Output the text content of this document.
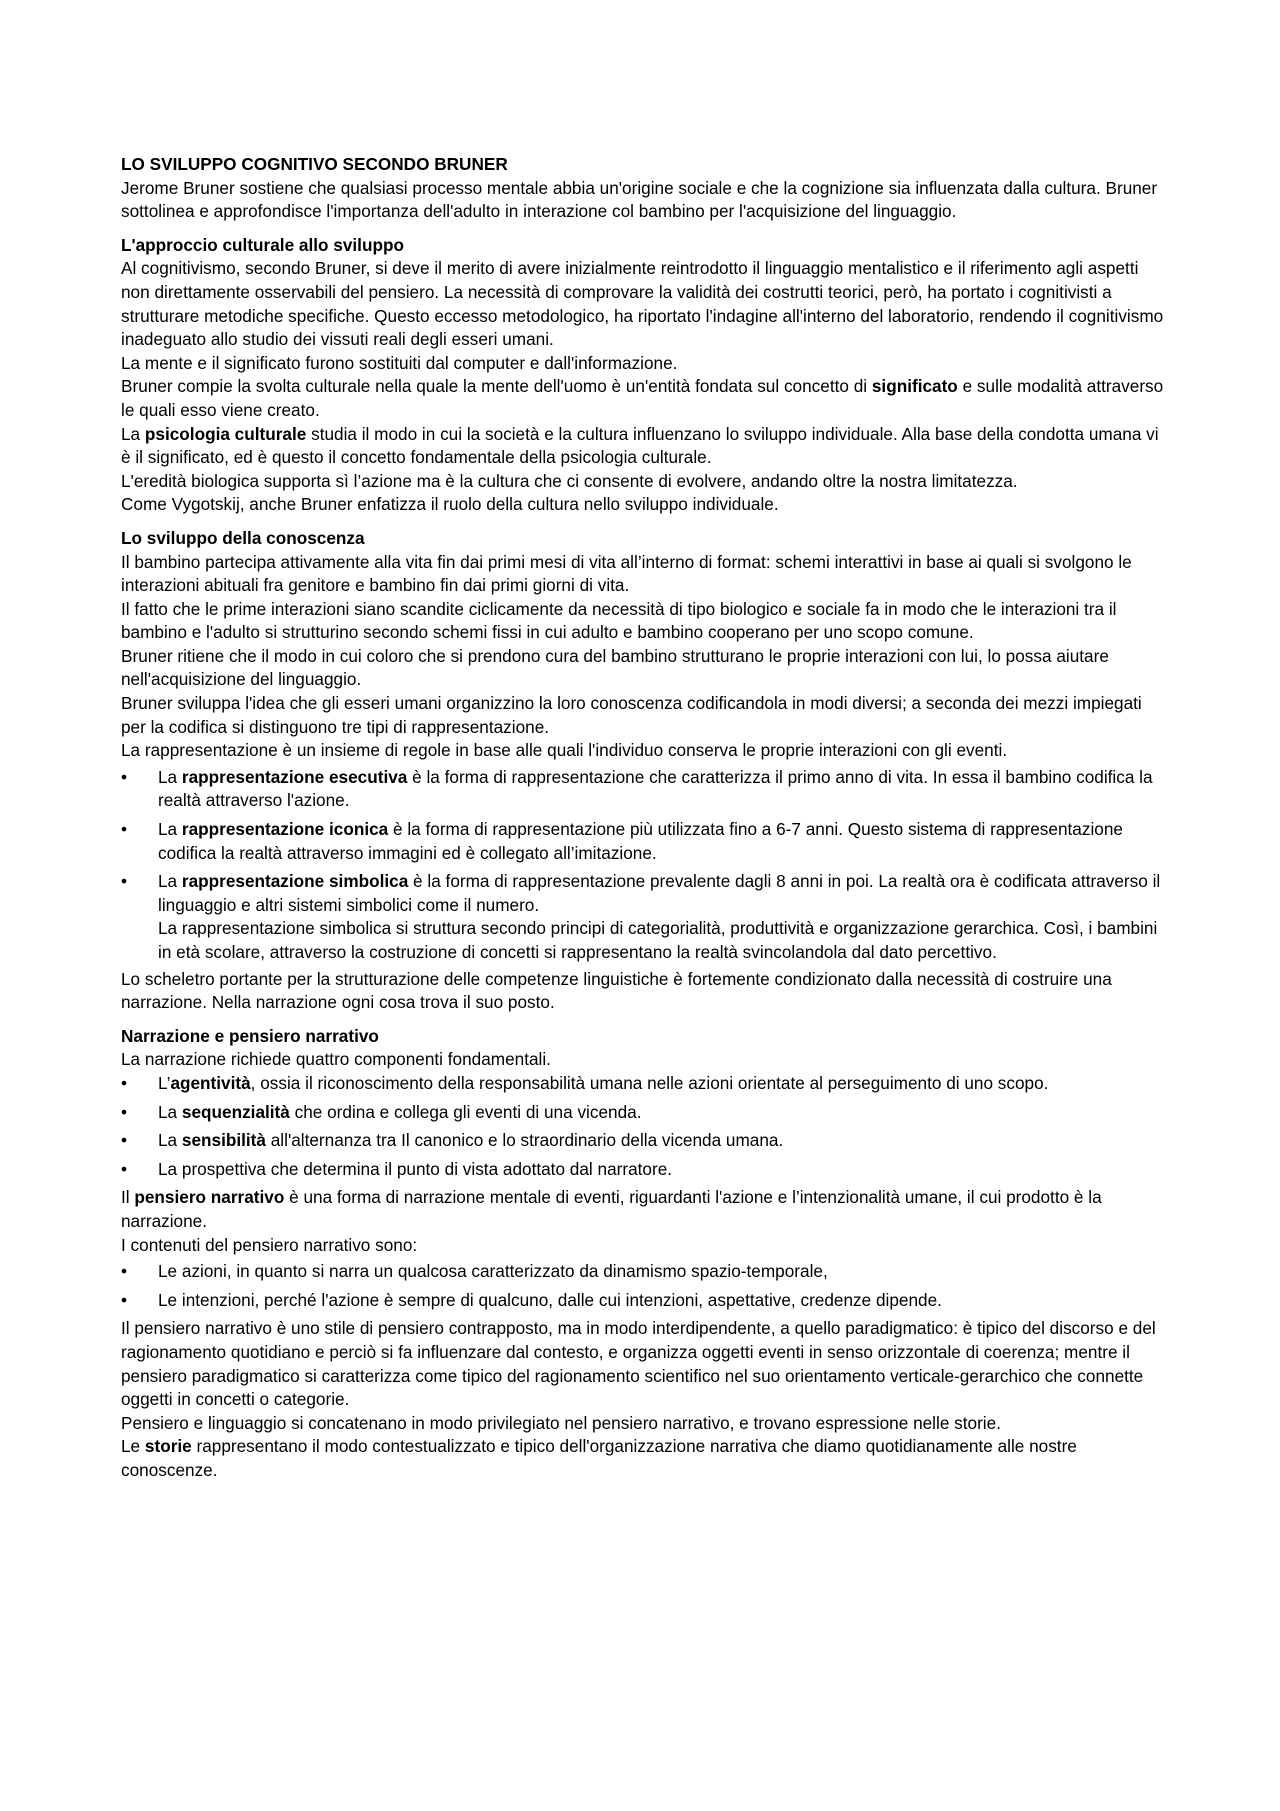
LO SVILUPPO COGNITIVO SECONDO BRUNER

Jerome Bruner sostiene che qualsiasi processo mentale abbia un'origine sociale e che la cognizione sia influenzata dalla cultura. Bruner sottolinea e approfondisce l'importanza dell'adulto in interazione col bambino per l'acquisizione del linguaggio.

L'approccio culturale allo sviluppo

Al cognitivismo, secondo Bruner, si deve il merito di avere inizialmente reintrodotto il linguaggio mentalistico e il riferimento agli aspetti non direttamente osservabili del pensiero. La necessità di comprovare la validità dei costrutti teorici, però, ha portato i cognitivisti a strutturare metodiche specifiche. Questo eccesso metodologico, ha riportato l'indagine all'interno del laboratorio, rendendo il cognitivismo inadeguato allo studio dei vissuti reali degli esseri umani.

La mente e il significato furono sostituiti dal computer e dall'informazione.

Bruner compie la svolta culturale nella quale la mente dell'uomo è un'entità fondata sul concetto di significato e sulle modalità attraverso le quali esso viene creato.

La psicologia culturale studia il modo in cui la società e la cultura influenzano lo sviluppo individuale. Alla base della condotta umana vi è il significato, ed è questo il concetto fondamentale della psicologia culturale.

L'eredità biologica supporta sì l’azione ma è la cultura che ci consente di evolvere, andando oltre la nostra limitatezza.

Come Vygotskij, anche Bruner enfatizza il ruolo della cultura nello sviluppo individuale.

Lo sviluppo della conoscenza

Il bambino partecipa attivamente alla vita fin dai primi mesi di vita all’interno di format: schemi interattivi in base ai quali si svolgono le interazioni abituali fra genitore e bambino fin dai primi giorni di vita.

Il fatto che le prime interazioni siano scandite ciclicamente da necessità di tipo biologico e sociale fa in modo che le interazioni tra il bambino e l'adulto si strutturino secondo schemi fissi in cui adulto e bambino cooperano per uno scopo comune.

Bruner ritiene che il modo in cui coloro che si prendono cura del bambino strutturano le proprie interazioni con lui, lo possa aiutare nell'acquisizione del linguaggio.

Bruner sviluppa l'idea che gli esseri umani organizzino la loro conoscenza codificandola in modi diversi; a seconda dei mezzi impiegati per la codifica si distinguono tre tipi di rappresentazione.

La rappresentazione è un insieme di regole in base alle quali l'individuo conserva le proprie interazioni con gli eventi.

•	La rappresentazione esecutiva è la forma di rappresentazione che caratterizza il primo anno di vita. In essa il bambino codifica la realtà attraverso l'azione.
•	La rappresentazione iconica è la forma di rappresentazione più utilizzata fino a 6-7 anni. Questo sistema di rappresentazione codifica la realtà attraverso immagini ed è collegato all’imitazione.
•	La rappresentazione simbolica è la forma di rappresentazione prevalente dagli 8 anni in poi. La realtà ora è codificata attraverso il linguaggio e altri sistemi simbolici come il numero.
La rappresentazione simbolica si struttura secondo principi di categorialità, produttività e organizzazione gerarchica. Così, i bambini in età scolare, attraverso la costruzione di concetti si rappresentano la realtà svincolandola dal dato percettivo.

Lo scheletro portante per la strutturazione delle competenze linguistiche è fortemente condizionato dalla necessità di costruire una narrazione. Nella narrazione ogni cosa trova il suo posto.

Narrazione e pensiero narrativo

La narrazione richiede quattro componenti fondamentali.

•	L’agentività, ossia il riconoscimento della responsabilità umana nelle azioni orientate al perseguimento di uno scopo.
•	La sequenzialità che ordina e collega gli eventi di una vicenda.
•	La sensibilità all'alternanza tra Il canonico e lo straordinario della vicenda umana.
•	La prospettiva che determina il punto di vista adottato dal narratore.

Il pensiero narrativo è una forma di narrazione mentale di eventi, riguardanti l'azione e l’intenzionalità umane, il cui prodotto è la narrazione.

I contenuti del pensiero narrativo sono:

•	Le azioni, in quanto si narra un qualcosa caratterizzato da dinamismo spazio-temporale,
•	Le intenzioni, perché l'azione è sempre di qualcuno, dalle cui intenzioni, aspettative, credenze dipende.

Il pensiero narrativo è uno stile di pensiero contrapposto, ma in modo interdipendente, a quello paradigmatico: è tipico del discorso e del ragionamento quotidiano e perciò si fa influenzare dal contesto, e organizza oggetti eventi in senso orizzontale di coerenza; mentre il pensiero paradigmatico si caratterizza come tipico del ragionamento scientifico nel suo orientamento verticale-gerarchico che connette oggetti in concetti o categorie.

Pensiero e linguaggio si concatenano in modo privilegiato nel pensiero narrativo, e trovano espressione nelle storie.

Le storie rappresentano il modo contestualizzato e tipico dell'organizzazione narrativa che diamo quotidianamente alle nostre conoscenze.
